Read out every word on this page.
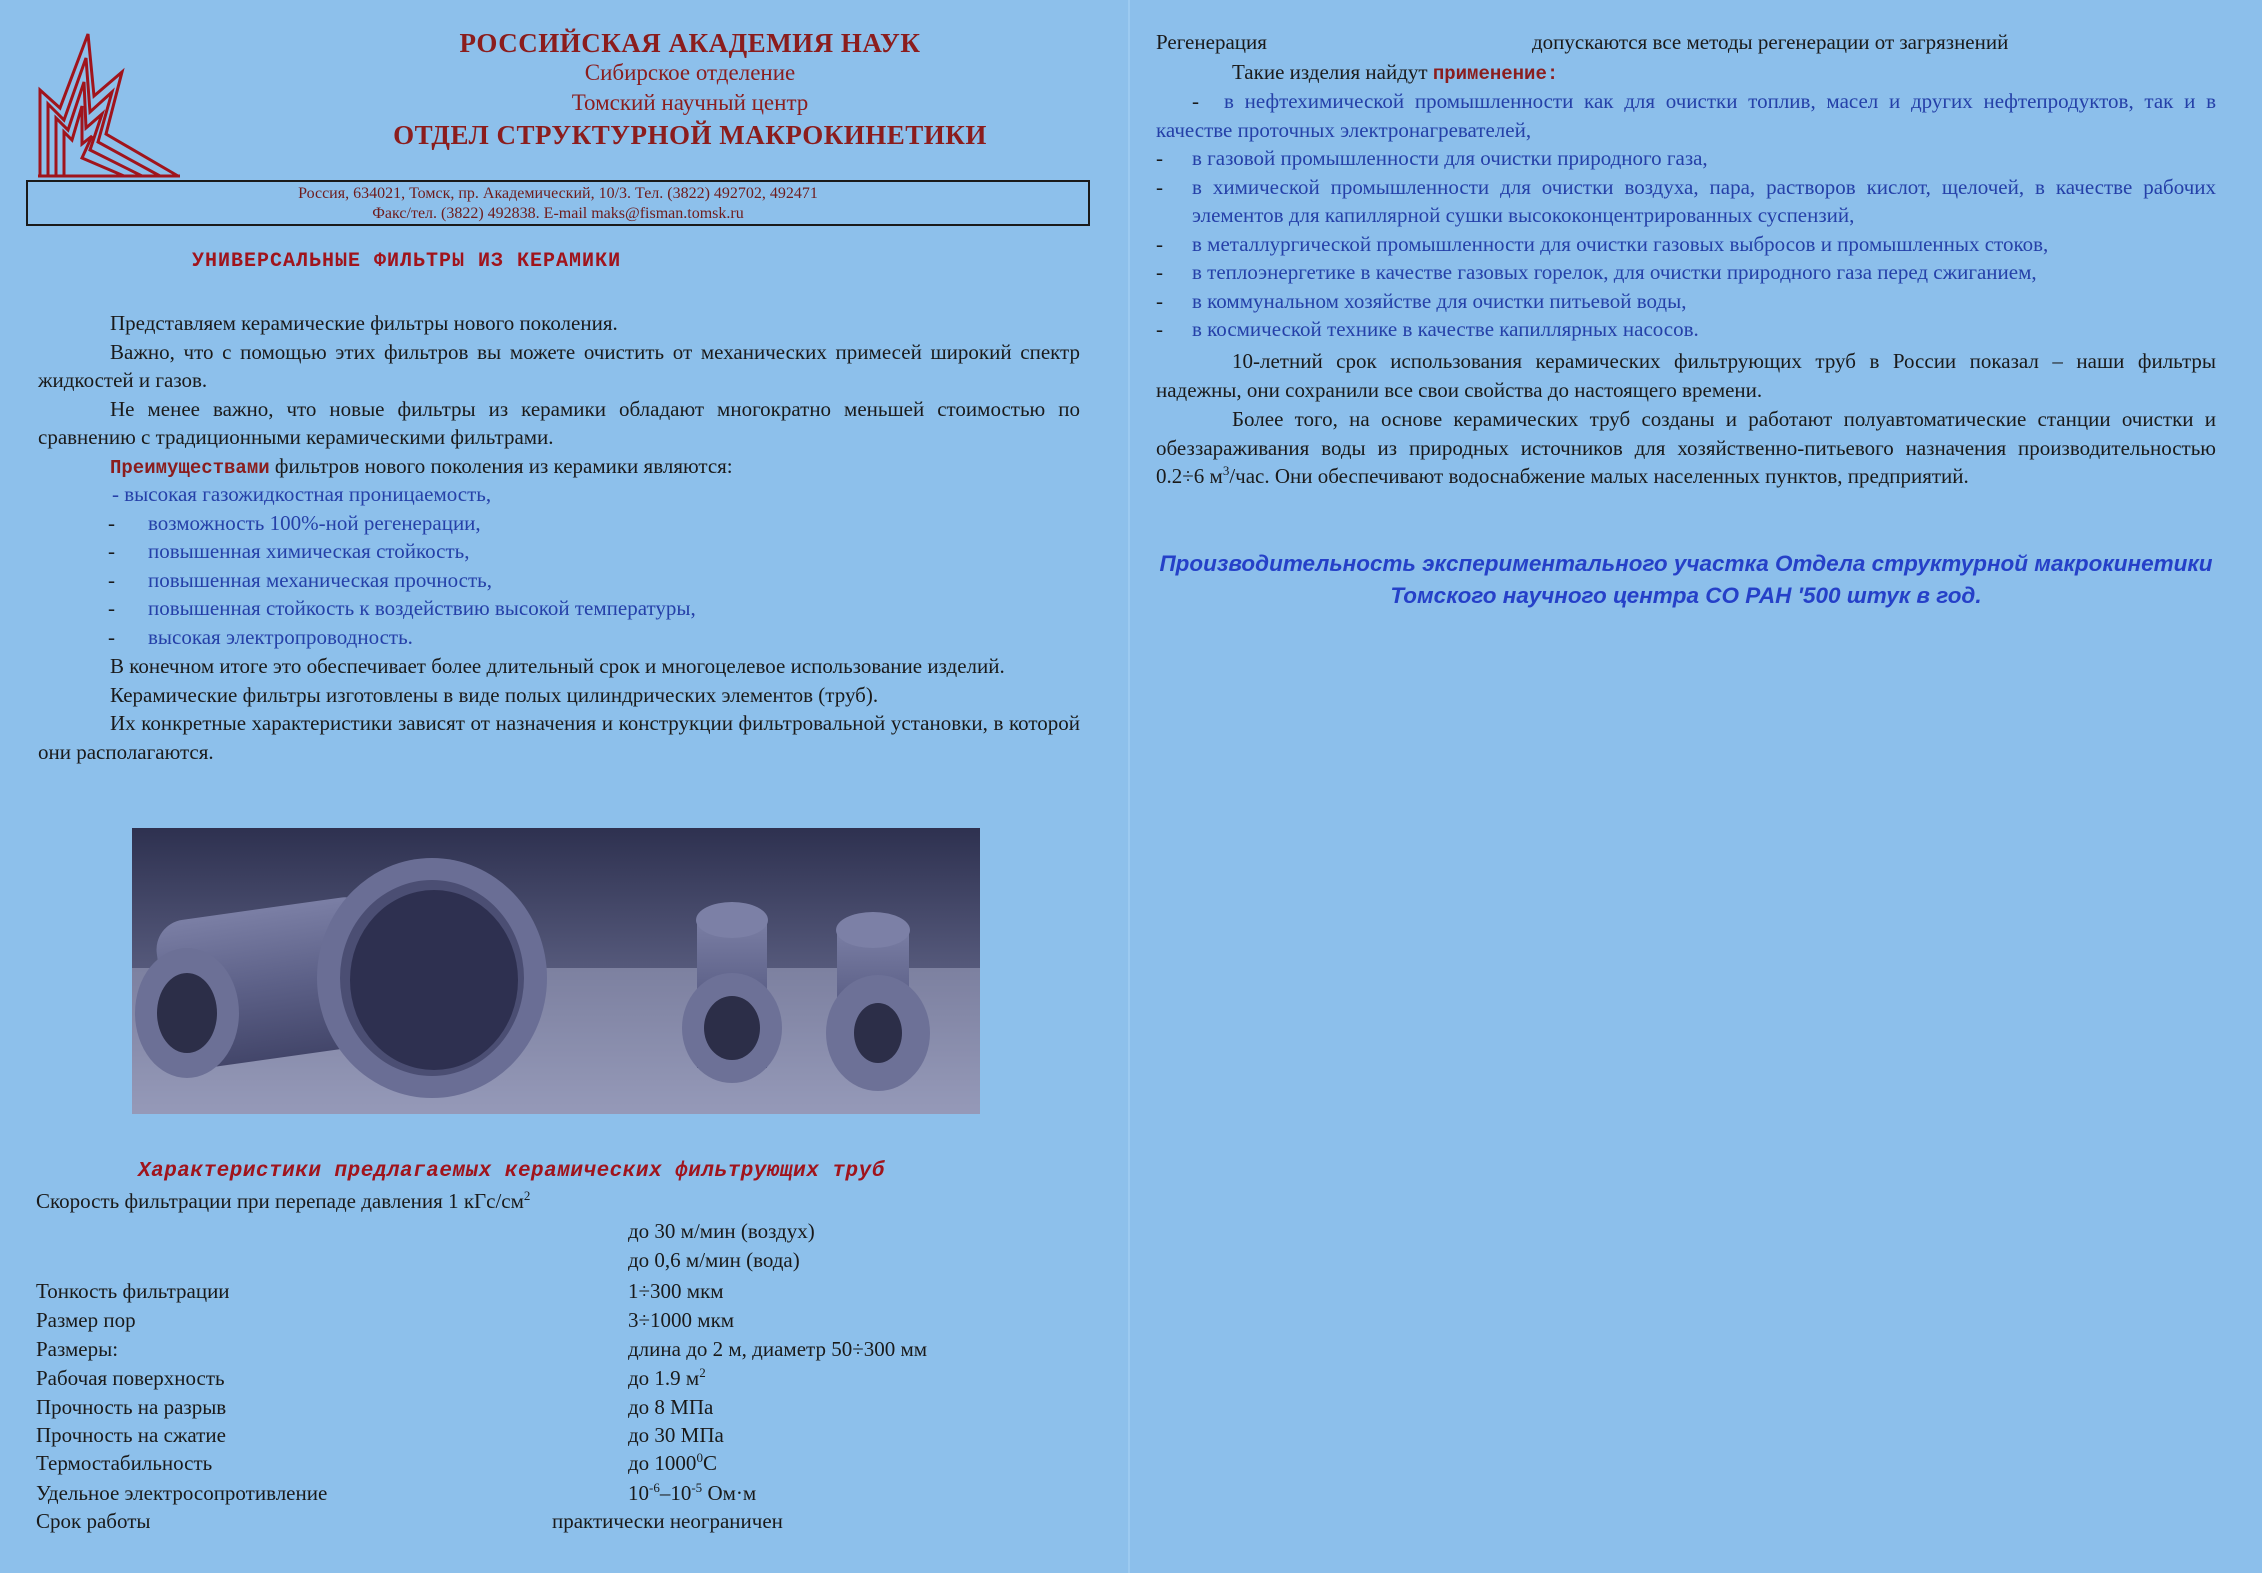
РОССИЙСКАЯ АКАДЕМИЯ НАУК
Сибирское отделение
Томский научный центр
ОТДЕЛ СТРУКТУРНОЙ МАКРОКИНЕТИКИ
Россия, 634021, Томск, пр. Академический, 10/3. Тел. (3822) 492702, 492471
Факс/тел. (3822) 492838. E-mail maks@fisman.tomsk.ru
УНИВЕРСАЛЬНЫЕ ФИЛЬТРЫ ИЗ КЕРАМИКИ
Представляем керамические фильтры нового поколения.
Важно, что с помощью этих фильтров вы можете очистить от механических примесей широкий спектр жидкостей и газов.
Не менее важно, что новые фильтры из керамики обладают многократно меньшей стоимостью по сравнению с традиционными керамическими фильтрами.
Преимуществами фильтров нового поколения из керамики являются:
- высокая газожидкостная проницаемость,
- возможность 100%-ной регенерации,
- повышенная химическая стойкость,
- повышенная механическая прочность,
- повышенная стойкость к воздействию высокой температуры,
- высокая электропроводность.
В конечном итоге это обеспечивает более длительный срок и многоцелевое использование изделий.
Керамические фильтры изготовлены в виде полых цилиндрических элементов (труб).
Их конкретные характеристики зависят от назначения и конструкции фильтровальной установки, в которой они располагаются.
Характеристики предлагаемых керамических фильтрующих труб
Скорость фильтрации при перепаде давления 1 кГс/$см^2$
до 30 м/мин (воздух)
до 0,6 м/мин (вода)
Тонкость фильтрации	1÷300 мкм
Размер пор	3÷1000 мкм
Размеры:	длина до 2 м, диаметр 50÷300 мм
Рабочая поверхность	до 1.9 $м^2$
Прочность на разрыв	до 8 МПа
Прочность на сжатие	до 30 МПа
Термостабильность	до 1000$^0$С
Удельное электросопротивление	$10^{-6}-10^{-5}$ Ом·м
Срок работы	практически неограничен
Регенерация	допускаются все методы регенерации от загрязнений
Такие изделия найдут применение:
- в нефтехимической промышленности как для очистки топлив, масел и других нефтепродуктов, так и в качестве проточных электронагревателей,
- в газовой промышленности для очистки природного газа,
- в химической промышленности для очистки воздуха, пара, растворов кислот, щелочей, в качестве рабочих элементов для капиллярной сушки высококонцентрированных суспензий,
- в металлургической промышленности для очистки газовых выбросов и промышленных стоков,
- в теплоэнергетике в качестве газовых горелок, для очистки природного газа перед сжиганием,
- в коммунальном хозяйстве для очистки питьевой воды,
- в космической технике в качестве капиллярных насосов.
10-летний срок использования керамических фильтрующих труб в России показал – наши фильтры надежны, они сохранили все свои свойства до настоящего времени.
Более того, на основе керамических труб созданы и работают полуавтоматические станции очистки и обеззараживания воды из природных источников для хозяйственно-питьевого назначения производительностью 0.2÷6 $м^3$/час. Они обеспечивают водоснабжение малых населенных пунктов, предприятий.
Производительность экспериментального участка Отдела структурной макрокинетики Томского научного центра СО РАН '500 штук в год.
